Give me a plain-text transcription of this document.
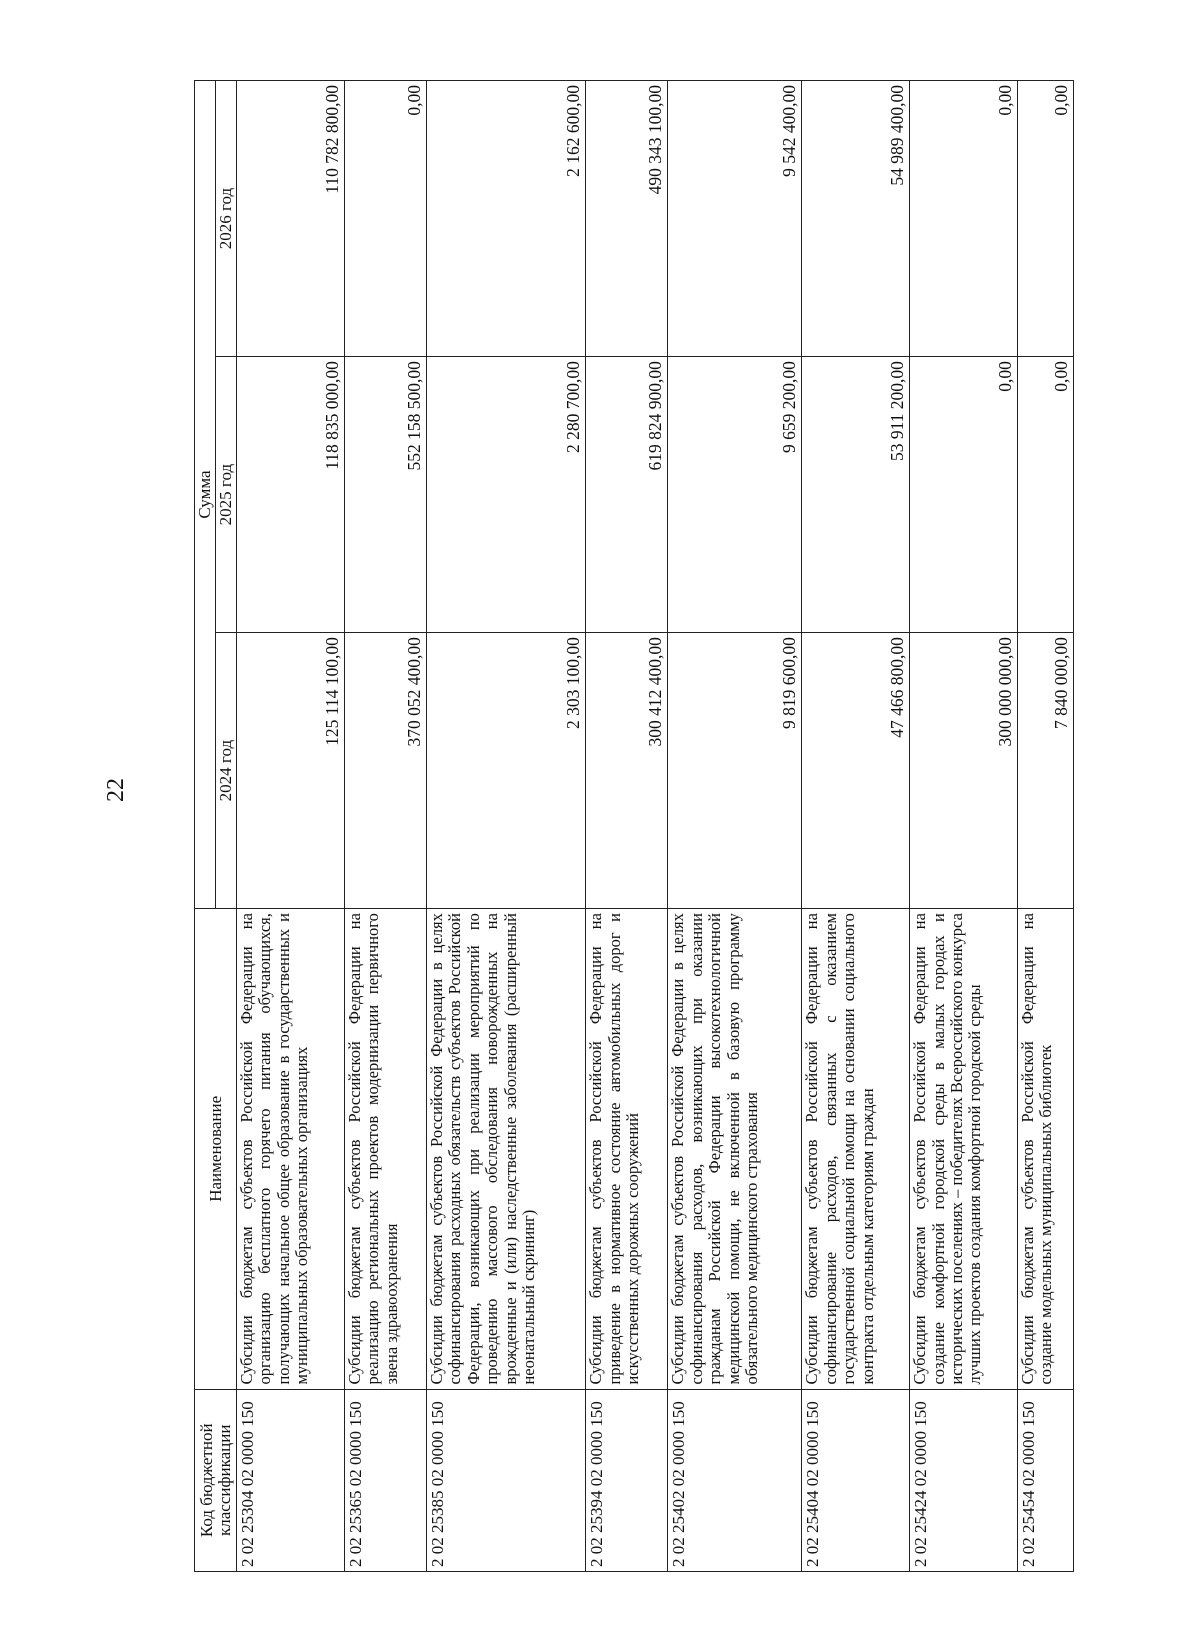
22
Код бюджетной классификации	Наименование	Сумма		
		2024 год	2025 год	2026 год
2 02 25304 02 0000 150	Субсидии бюджетам субъектов Российской Федерации на организацию бесплатного горячего питания обучающихся, получающих начальное общее образование в государственных и муниципальных образовательных организациях	125 114 100,00	118 835 000,00	110 782 800,00
2 02 25365 02 0000 150	Субсидии бюджетам субъектов Российской Федерации на реализацию региональных проектов модернизации первичного звена здравоохранения	370 052 400,00	552 158 500,00	0,00
2 02 25385 02 0000 150	Субсидии бюджетам субъектов Российской Федерации в целях софинансирования расходных обязательств субъектов Российской Федерации, возникающих при реализации мероприятий по проведению массового обследования новорожденных на врожденные и (или) наследственные заболевания (расширенный неонатальный скрининг)	2 303 100,00	2 280 700,00	2 162 600,00
2 02 25394 02 0000 150	Субсидии бюджетам субъектов Российской Федерации на приведение в нормативное состояние автомобильных дорог и искусственных дорожных сооружений	300 412 400,00	619 824 900,00	490 343 100,00
2 02 25402 02 0000 150	Субсидии бюджетам субъектов Российской Федерации в целях софинансирования расходов, возникающих при оказании гражданам Российской Федерации высокотехнологичной медицинской помощи, не включенной в базовую программу обязательного медицинского страхования	9 819 600,00	9 659 200,00	9 542 400,00
2 02 25404 02 0000 150	Субсидии бюджетам субъектов Российской Федерации на софинансирование расходов, связанных с оказанием государственной социальной помощи на основании социального контракта отдельным категориям граждан	47 466 800,00	53 911 200,00	54 989 400,00
2 02 25424 02 0000 150	Субсидии бюджетам субъектов Российской Федерации на создание комфортной городской среды в малых городах и исторических поселениях – победителях Всероссийского конкурса лучших проектов создания комфортной городской среды	300 000 000,00	0,00	0,00
2 02 25454 02 0000 150	Субсидии бюджетам субъектов Российской Федерации на создание модельных муниципальных библиотек	7 840 000,00	0,00	0,00
